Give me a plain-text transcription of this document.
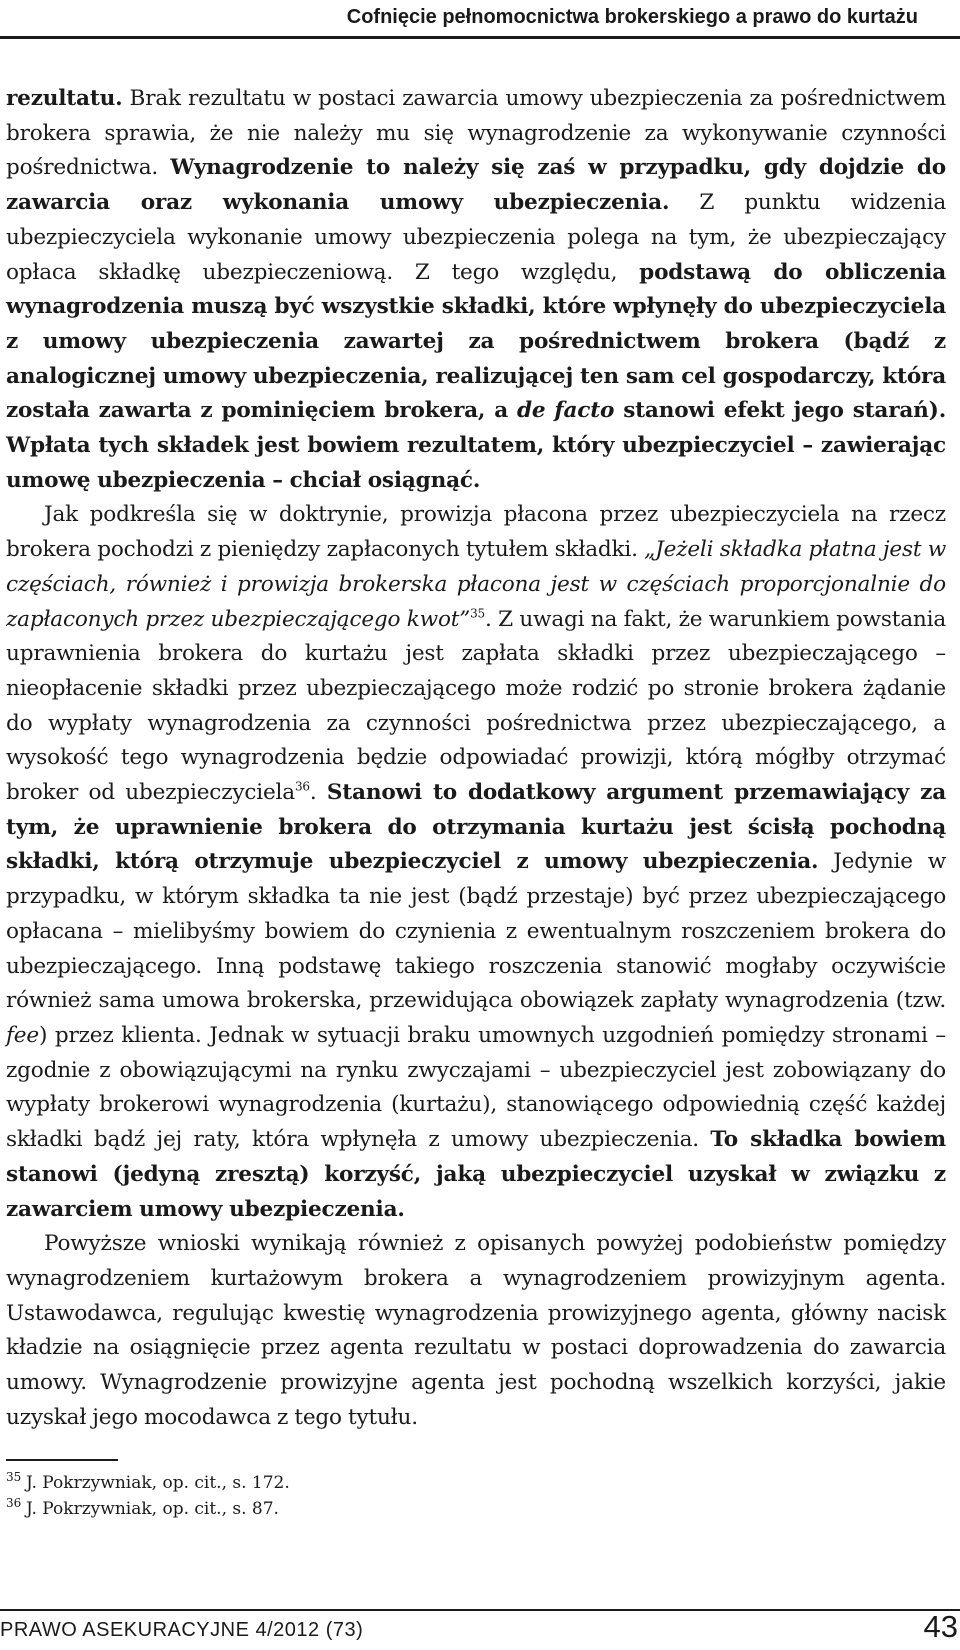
Cofnięcie pełnomocnictwa brokerskiego a prawo do kurtażu

rezultatu. Brak rezultatu w postaci zawarcia umowy ubezpieczenia za pośrednictwem brokera sprawia, że nie należy mu się wynagrodzenie za wykonywanie czynności pośrednictwa. Wynagrodzenie to należy się zaś w przypadku, gdy dojdzie do zawarcia oraz wykonania umowy ubezpieczenia. Z punktu widzenia ubezpieczyciela wykonanie umowy ubezpieczenia polega na tym, że ubezpieczający opłaca składkę ubezpieczeniową. Z tego względu, podstawą do obliczenia wynagrodzenia muszą być wszystkie składki, które wpłynęły do ubezpieczyciela z umowy ubezpieczenia zawartej za pośrednictwem brokera (bądź z analogicznej umowy ubezpieczenia, realizującej ten sam cel gospodarczy, która została zawarta z pominięciem brokera, a de facto stanowi efekt jego starań). Wpłata tych składek jest bowiem rezultatem, który ubezpieczyciel – zawierając umowę ubezpieczenia – chciał osiągnąć.

Jak podkreśla się w doktrynie, prowizja płacona przez ubezpieczyciela na rzecz brokera pochodzi z pieniędzy zapłaconych tytułem składki. „Jeżeli składka płatna jest w częściach, również i prowizja brokerska płacona jest w częściach proporcjonalnie do zapłaconych przez ubezpieczającego kwot”$^{35}$. Z uwagi na fakt, że warunkiem powstania uprawnienia brokera do kurtażu jest zapłata składki przez ubezpieczającego – nieopłacenie składki przez ubezpieczającego może rodzić po stronie brokera żądanie do wypłaty wynagrodzenia za czynności pośrednictwa przez ubezpieczającego, a wysokość tego wynagrodzenia będzie odpowiadać prowizji, którą mógłby otrzymać broker od ubezpieczyciela$^{36}$. Stanowi to dodatkowy argument przemawiający za tym, że uprawnienie brokera do otrzymania kurtażu jest ścisłą pochodną składki, którą otrzymuje ubezpieczyciel z umowy ubezpieczenia. Jedynie w przypadku, w którym składka ta nie jest (bądź przestaje) być przez ubezpieczającego opłacana – mielibyśmy bowiem do czynienia z ewentualnym roszczeniem brokera do ubezpieczającego. Inną podstawę takiego roszczenia stanowić mogłaby oczywiście również sama umowa brokerska, przewidująca obowiązek zapłaty wynagrodzenia (tzw. fee) przez klienta. Jednak w sytuacji braku umownych uzgodnień pomiędzy stronami – zgodnie z obowiązującymi na rynku zwyczajami – ubezpieczyciel jest zobowiązany do wypłaty brokerowi wynagrodzenia (kurtażu), stanowiącego odpowiednią część każdej składki bądź jej raty, która wpłynęła z umowy ubezpieczenia. To składka bowiem stanowi (jedyną zresztą) korzyść, jaką ubezpieczyciel uzyskał w związku z zawarciem umowy ubezpieczenia.

Powyższe wnioski wynikają również z opisanych powyżej podobieństw pomiędzy wynagrodzeniem kurtażowym brokera a wynagrodzeniem prowizyjnym agenta. Ustawodawca, regulując kwestię wynagrodzenia prowizyjnego agenta, główny nacisk kładzie na osiągnięcie przez agenta rezultatu w postaci doprowadzenia do zawarcia umowy. Wynagrodzenie prowizyjne agenta jest pochodną wszelkich korzyści, jakie uzyskał jego mocodawca z tego tytułu.

$^{35}$ J. Pokrzywniak, op. cit., s. 172.

$^{36}$ J. Pokrzywniak, op. cit., s. 87.

PRAWO ASEKURACYJNE 4/2012 (73)	43
